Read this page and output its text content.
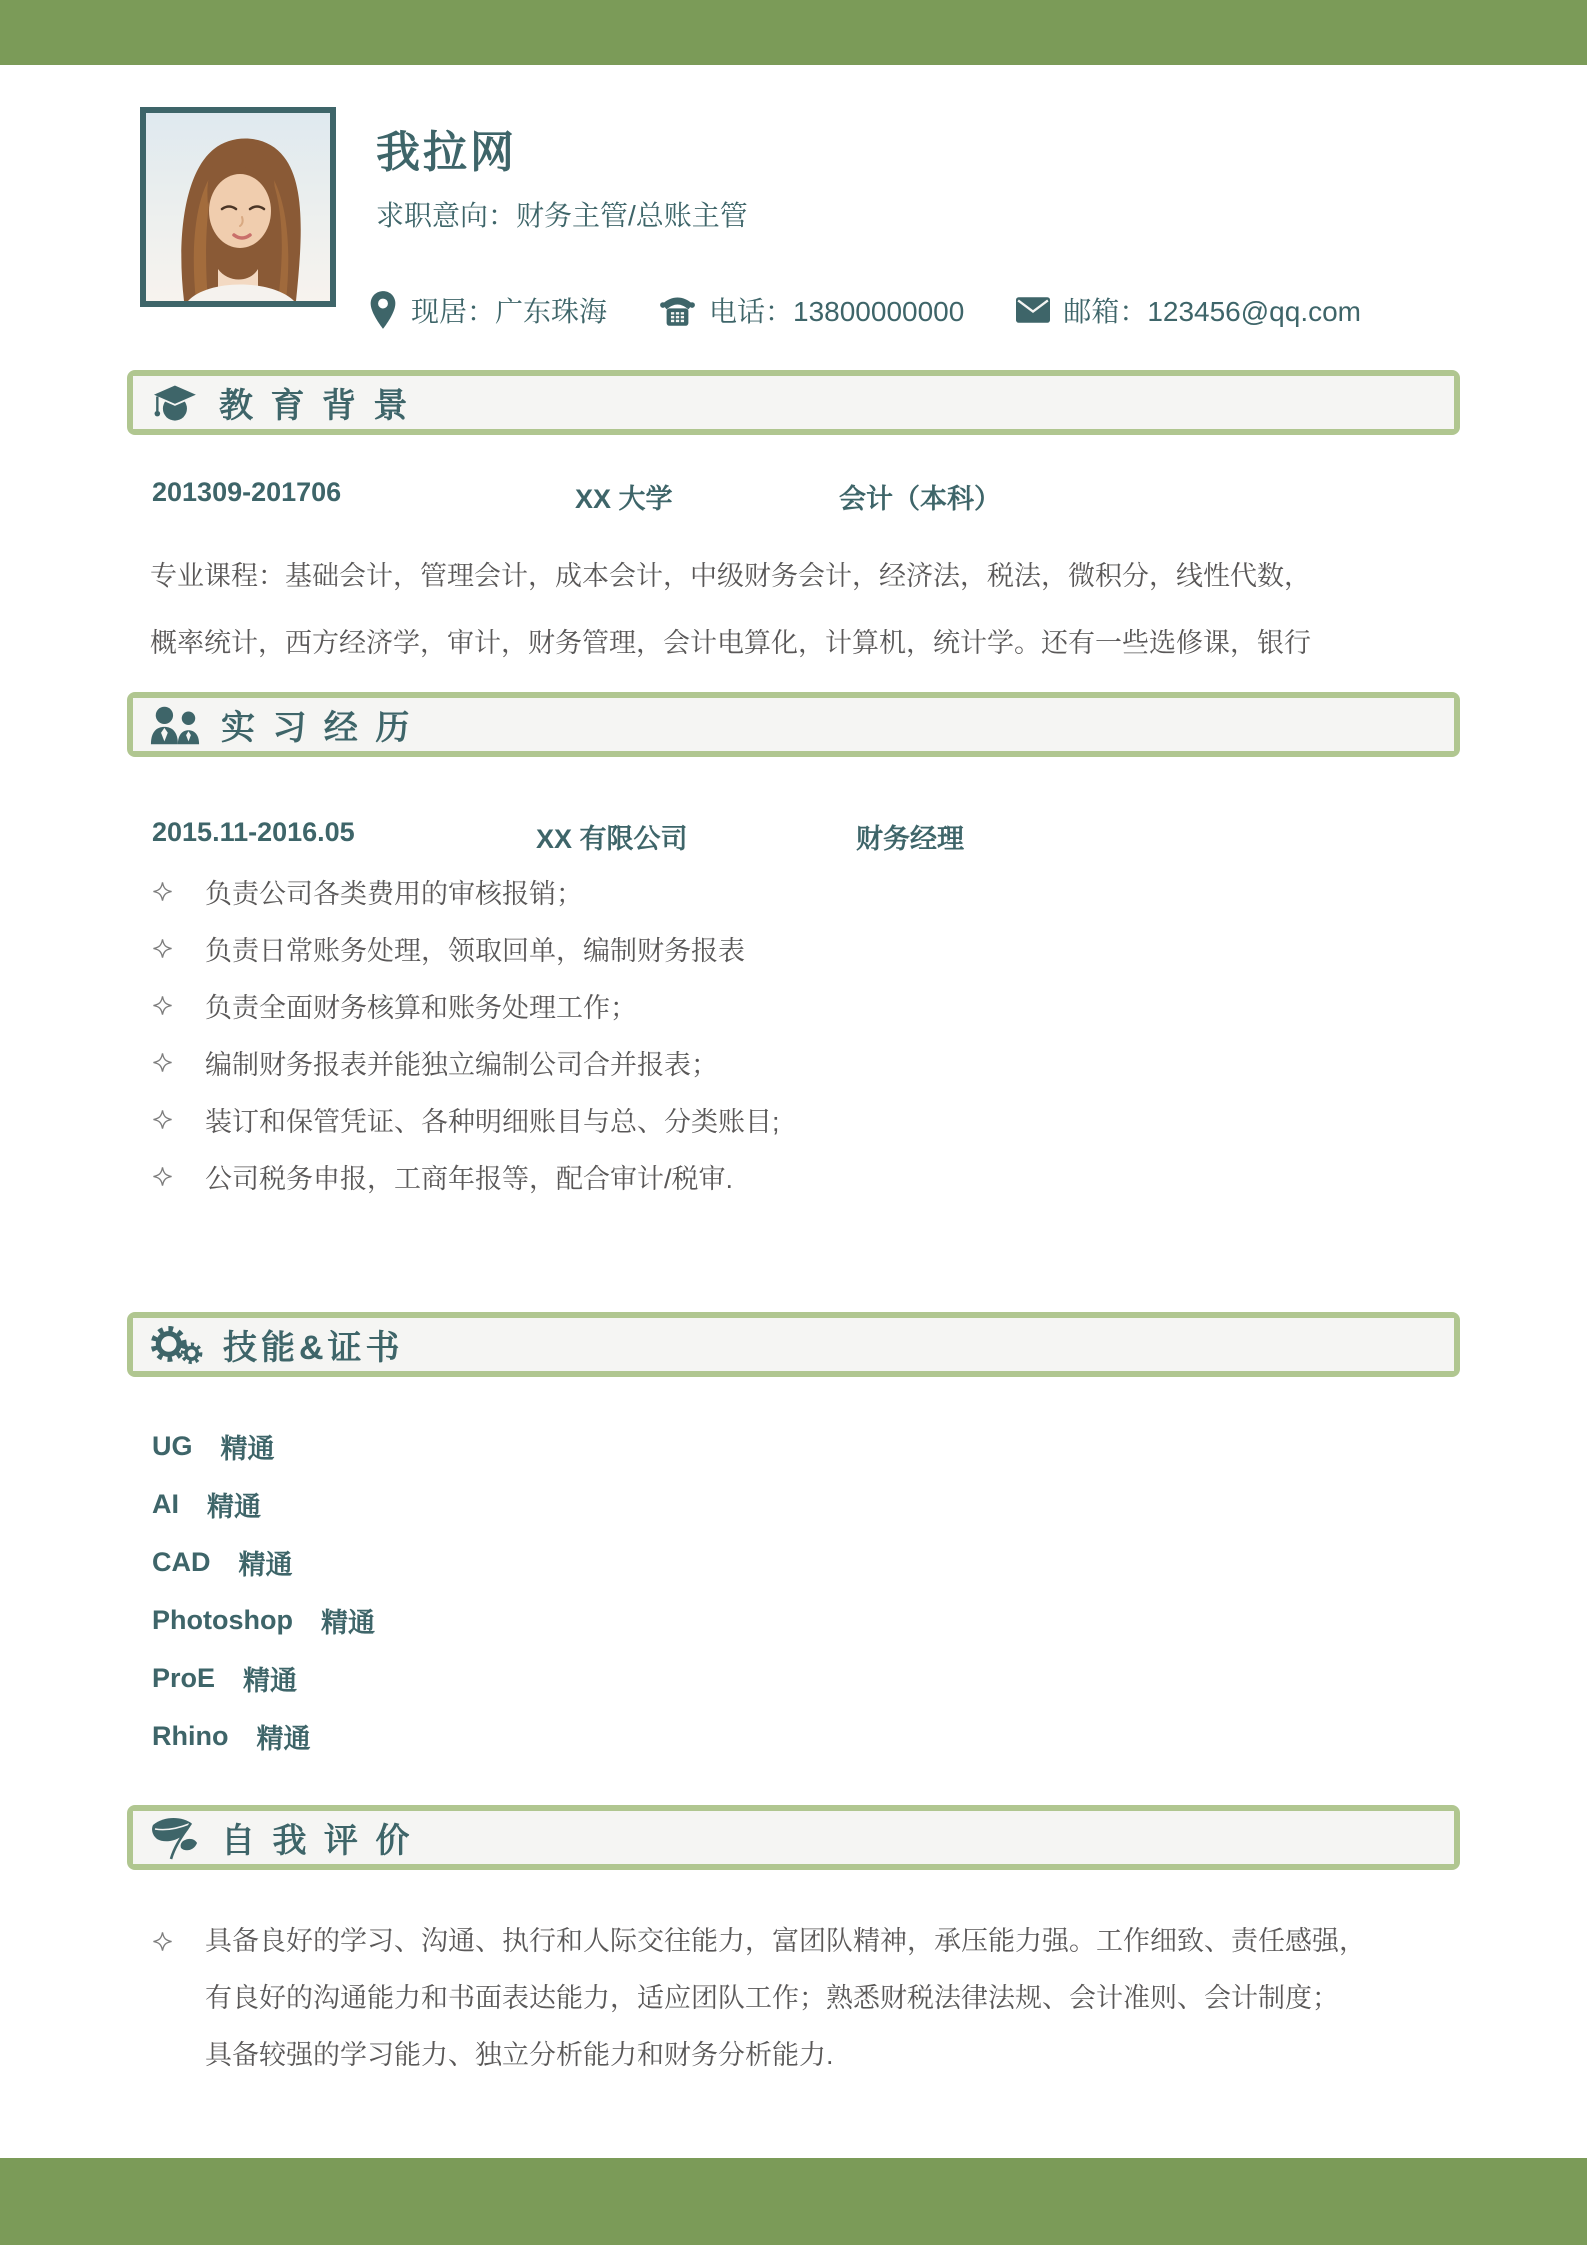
我拉网
求职意向：财务主管/总账主管
现居：广东珠海	电话：13800000000	邮箱：123456@qq.com
教 育 背 景
201309-201706	XX 大学	会计（本科）
专业课程：基础会计，管理会计，成本会计，中级财务会计，经济法，税法，微积分，线性代数，
概率统计，西方经济学，审计，财务管理，会计电算化，计算机，统计学。还有一些选修课，银行
实 习 经 历
2015.11-2016.05	XX 有限公司	财务经理
负责公司各类费用的审核报销；
负责日常账务处理，领取回单，编制财务报表
负责全面财务核算和账务处理工作；
编制财务报表并能独立编制公司合并报表；
装订和保管凭证、各种明细账目与总、分类账目;
公司税务申报，工商年报等，配合审计/税审.
技能&证书
UG 精通
AI 精通
CAD 精通
Photoshop 精通
ProE 精通
Rhino 精通
自 我 评 价
具备良好的学习、沟通、执行和人际交往能力，富团队精神，承压能力强。工作细致、责任感强，
有良好的沟通能力和书面表达能力，适应团队工作；熟悉财税法律法规、会计准则、会计制度；
具备较强的学习能力、独立分析能力和财务分析能力.
